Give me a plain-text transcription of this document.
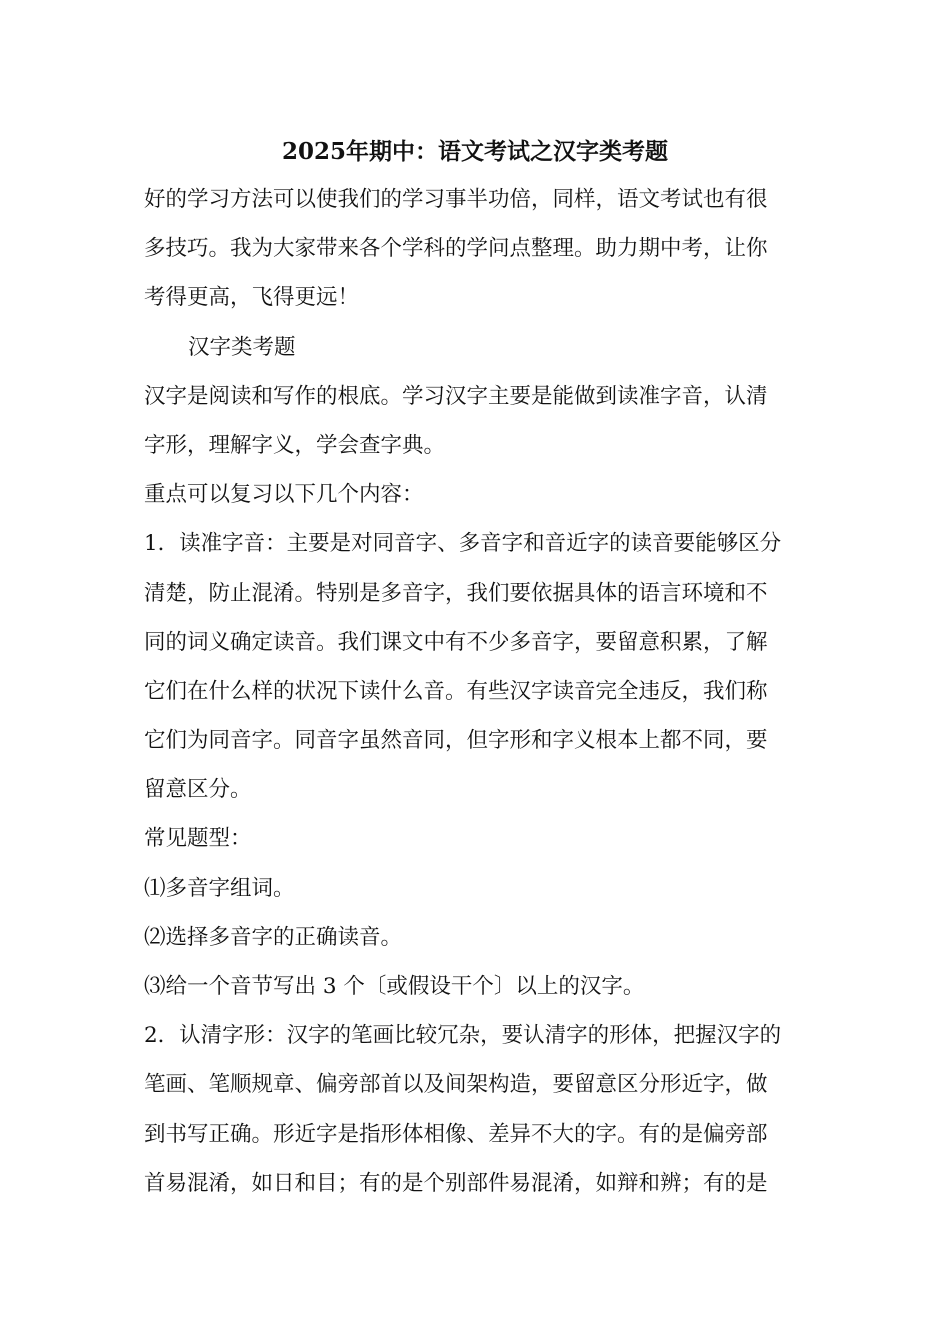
2025年期中：语文考试之汉字类考题
好的学习方法可以使我们的学习事半功倍，同样，语文考试也有很
多技巧。我为大家带来各个学科的学问点整理。助力期中考，让你
考得更高，飞得更远！
汉字类考题
汉字是阅读和写作的根底。学习汉字主要是能做到读准字音，认清
字形，理解字义，学会查字典。
重点可以复习以下几个内容：
1．读准字音：主要是对同音字、多音字和音近字的读音要能够区分
清楚，防止混淆。特别是多音字，我们要依据具体的语言环境和不
同的词义确定读音。我们课文中有不少多音字，要留意积累，了解
它们在什么样的状况下读什么音。有些汉字读音完全违反，我们称
它们为同音字。同音字虽然音同，但字形和字义根本上都不同，要
留意区分。
常见题型：
⑴多音字组词。
⑵选择多音字的正确读音。
⑶给一个音节写出 3 个〔或假设干个〕以上的汉字。
2．认清字形：汉字的笔画比较冗杂，要认清字的形体，把握汉字的
笔画、笔顺规章、偏旁部首以及间架构造，要留意区分形近字，做
到书写正确。形近字是指形体相像、差异不大的字。有的是偏旁部
首易混淆，如日和目；有的是个别部件易混淆，如辩和辨；有的是
